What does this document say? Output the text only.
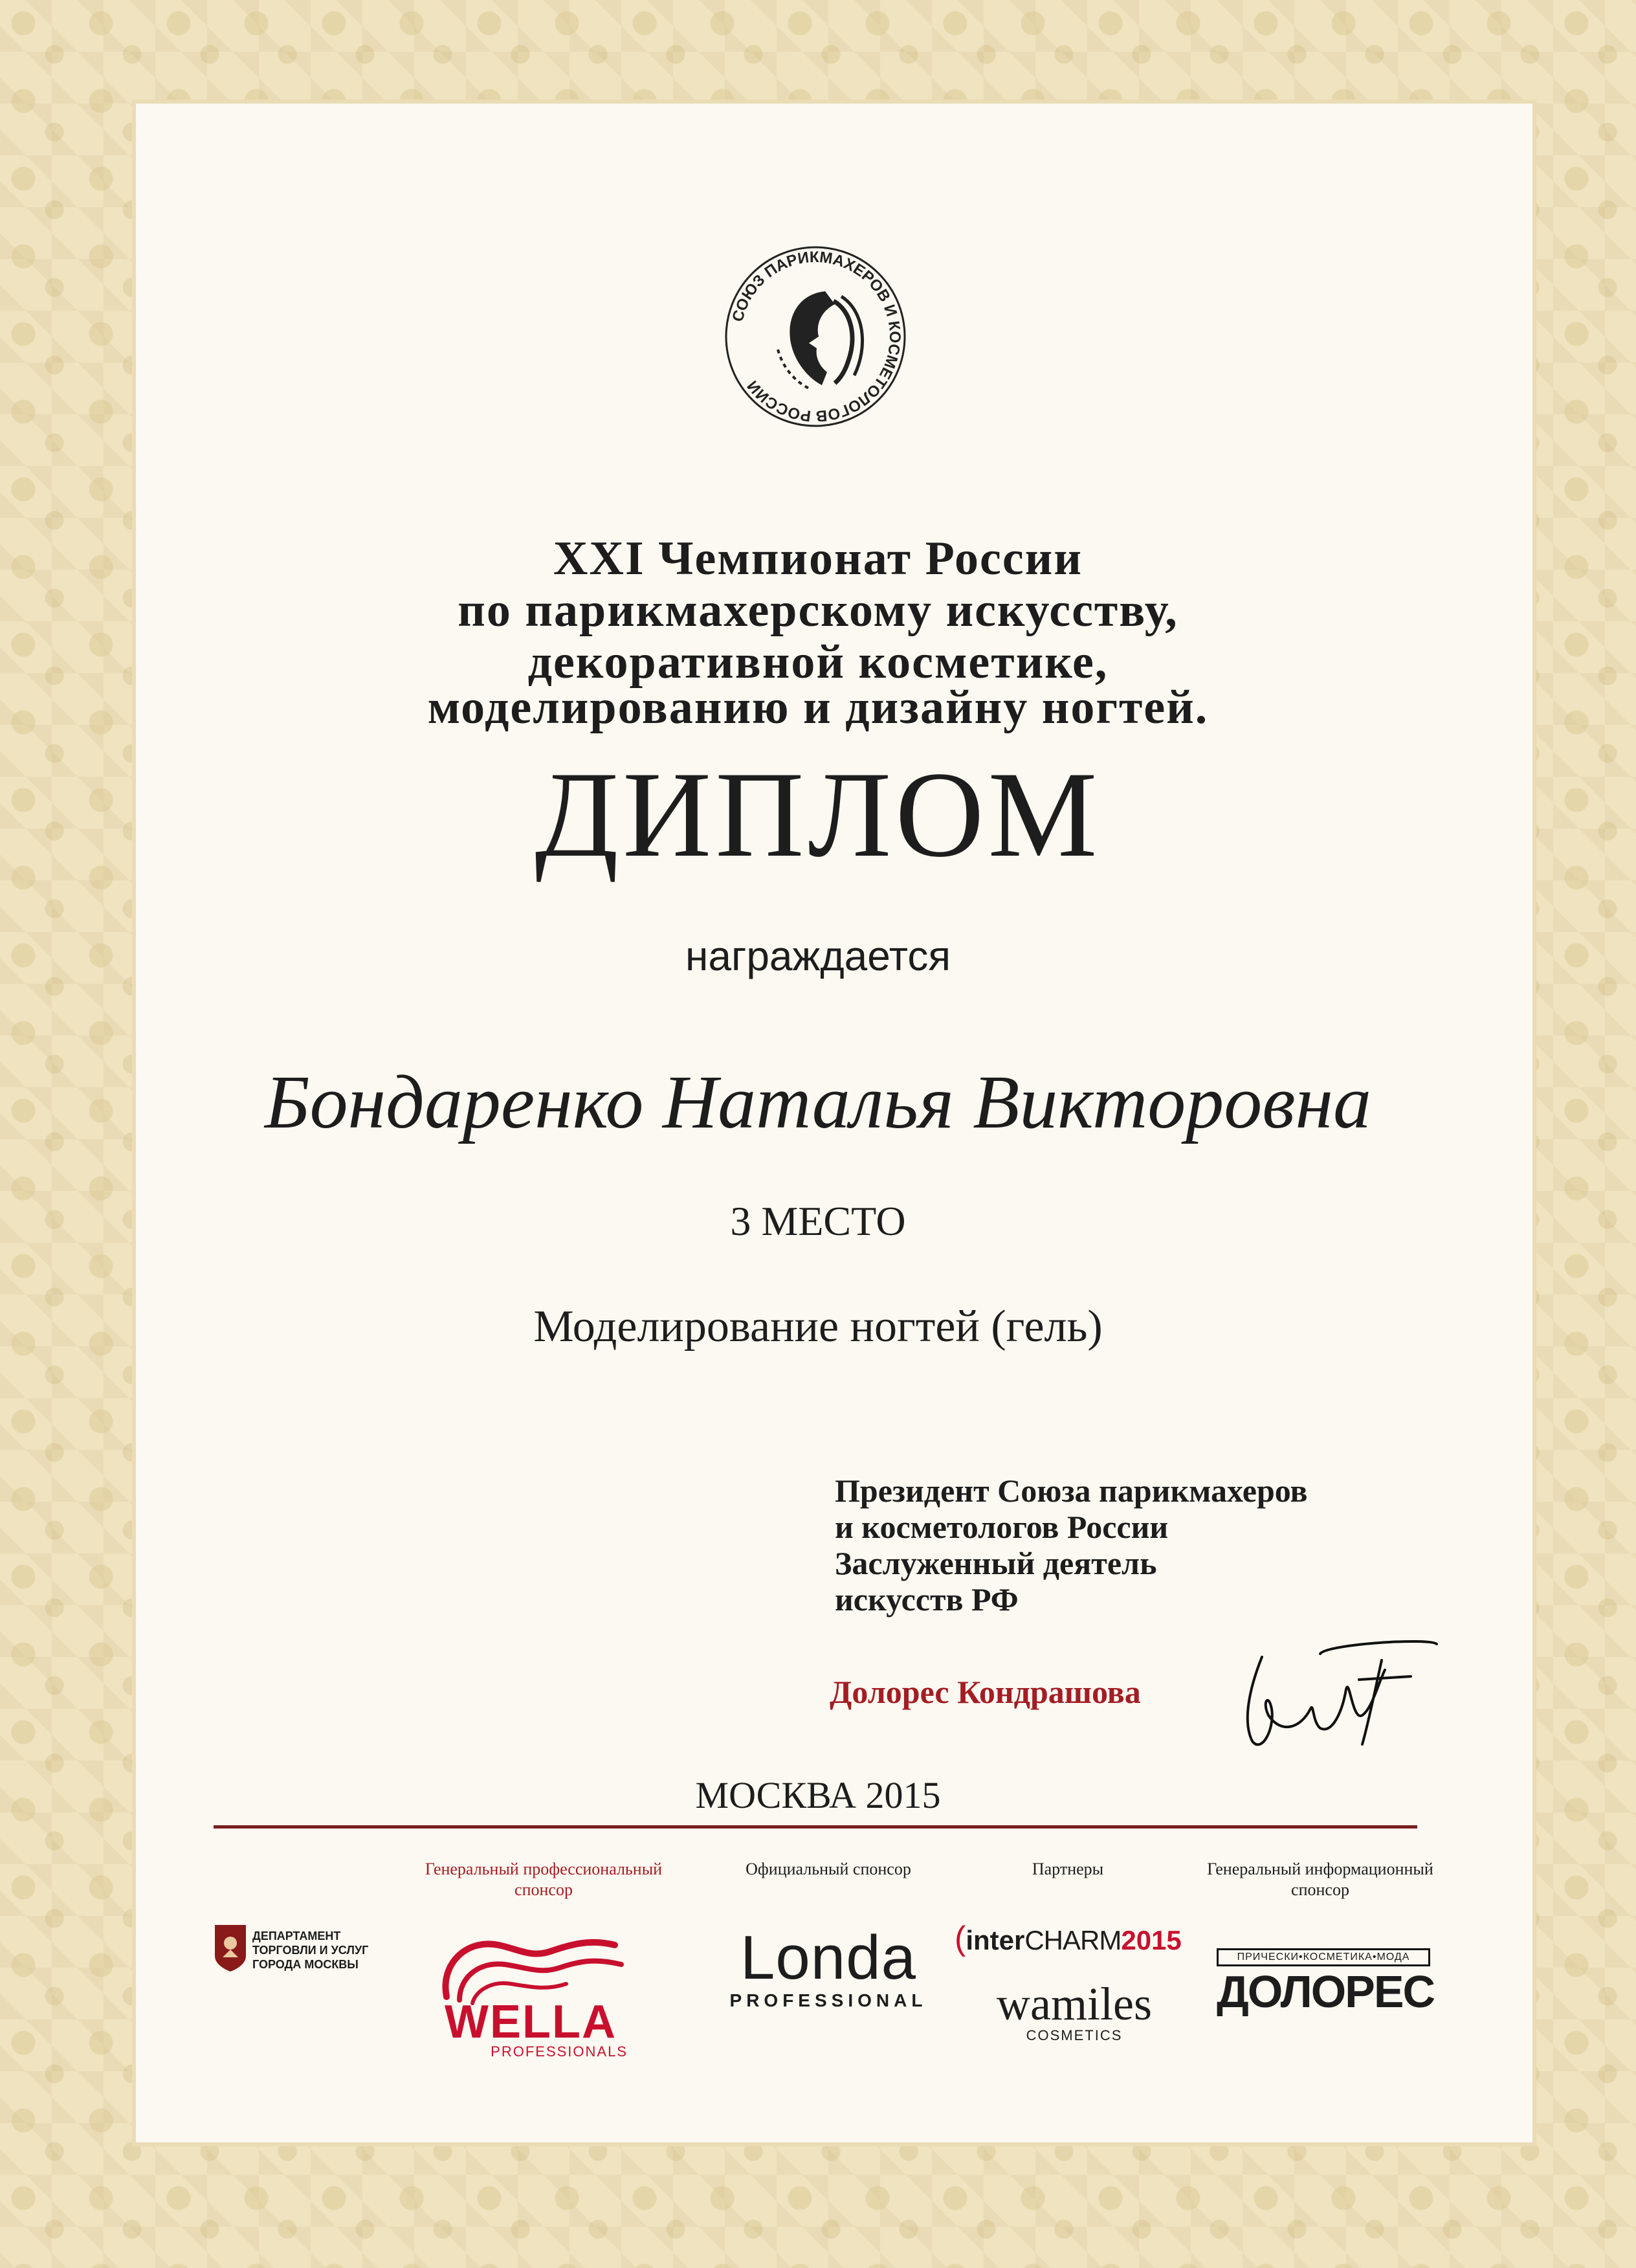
СОЮЗ ПАРИКМАХЕРОВ И КОСМЕТОЛОГОВ РОССИИ
XXI Чемпионат России
по парикмахерскому искусству,
декоративной косметике,
моделированию и дизайну ногтей.
ДИПЛОМ
награждается
Бондаренко Наталья Викторовна
3 МЕСТО
Моделирование ногтей (гель)
Президент Союза парикмахеров
и косметологов России
Заслуженный деятель
искусств РФ
Долорес Кондрашова
МОСКВА 2015
Генеральный профессиональный спонсор
Официальный спонсор	Партнеры	Генеральный информационный спонсор
ДЕПАРТАМЕНТ
ТОРГОВЛИ И УСЛУГ
ГОРОДА МОСКВЫ
WELLA
PROFESSIONALS
Londa
PROFESSIONAL
(interCHARM2015
wamiles
COSMETICS
ПРИЧЕСКИ•КОСМЕТИКА•МОДА
ДОЛОРЕС
